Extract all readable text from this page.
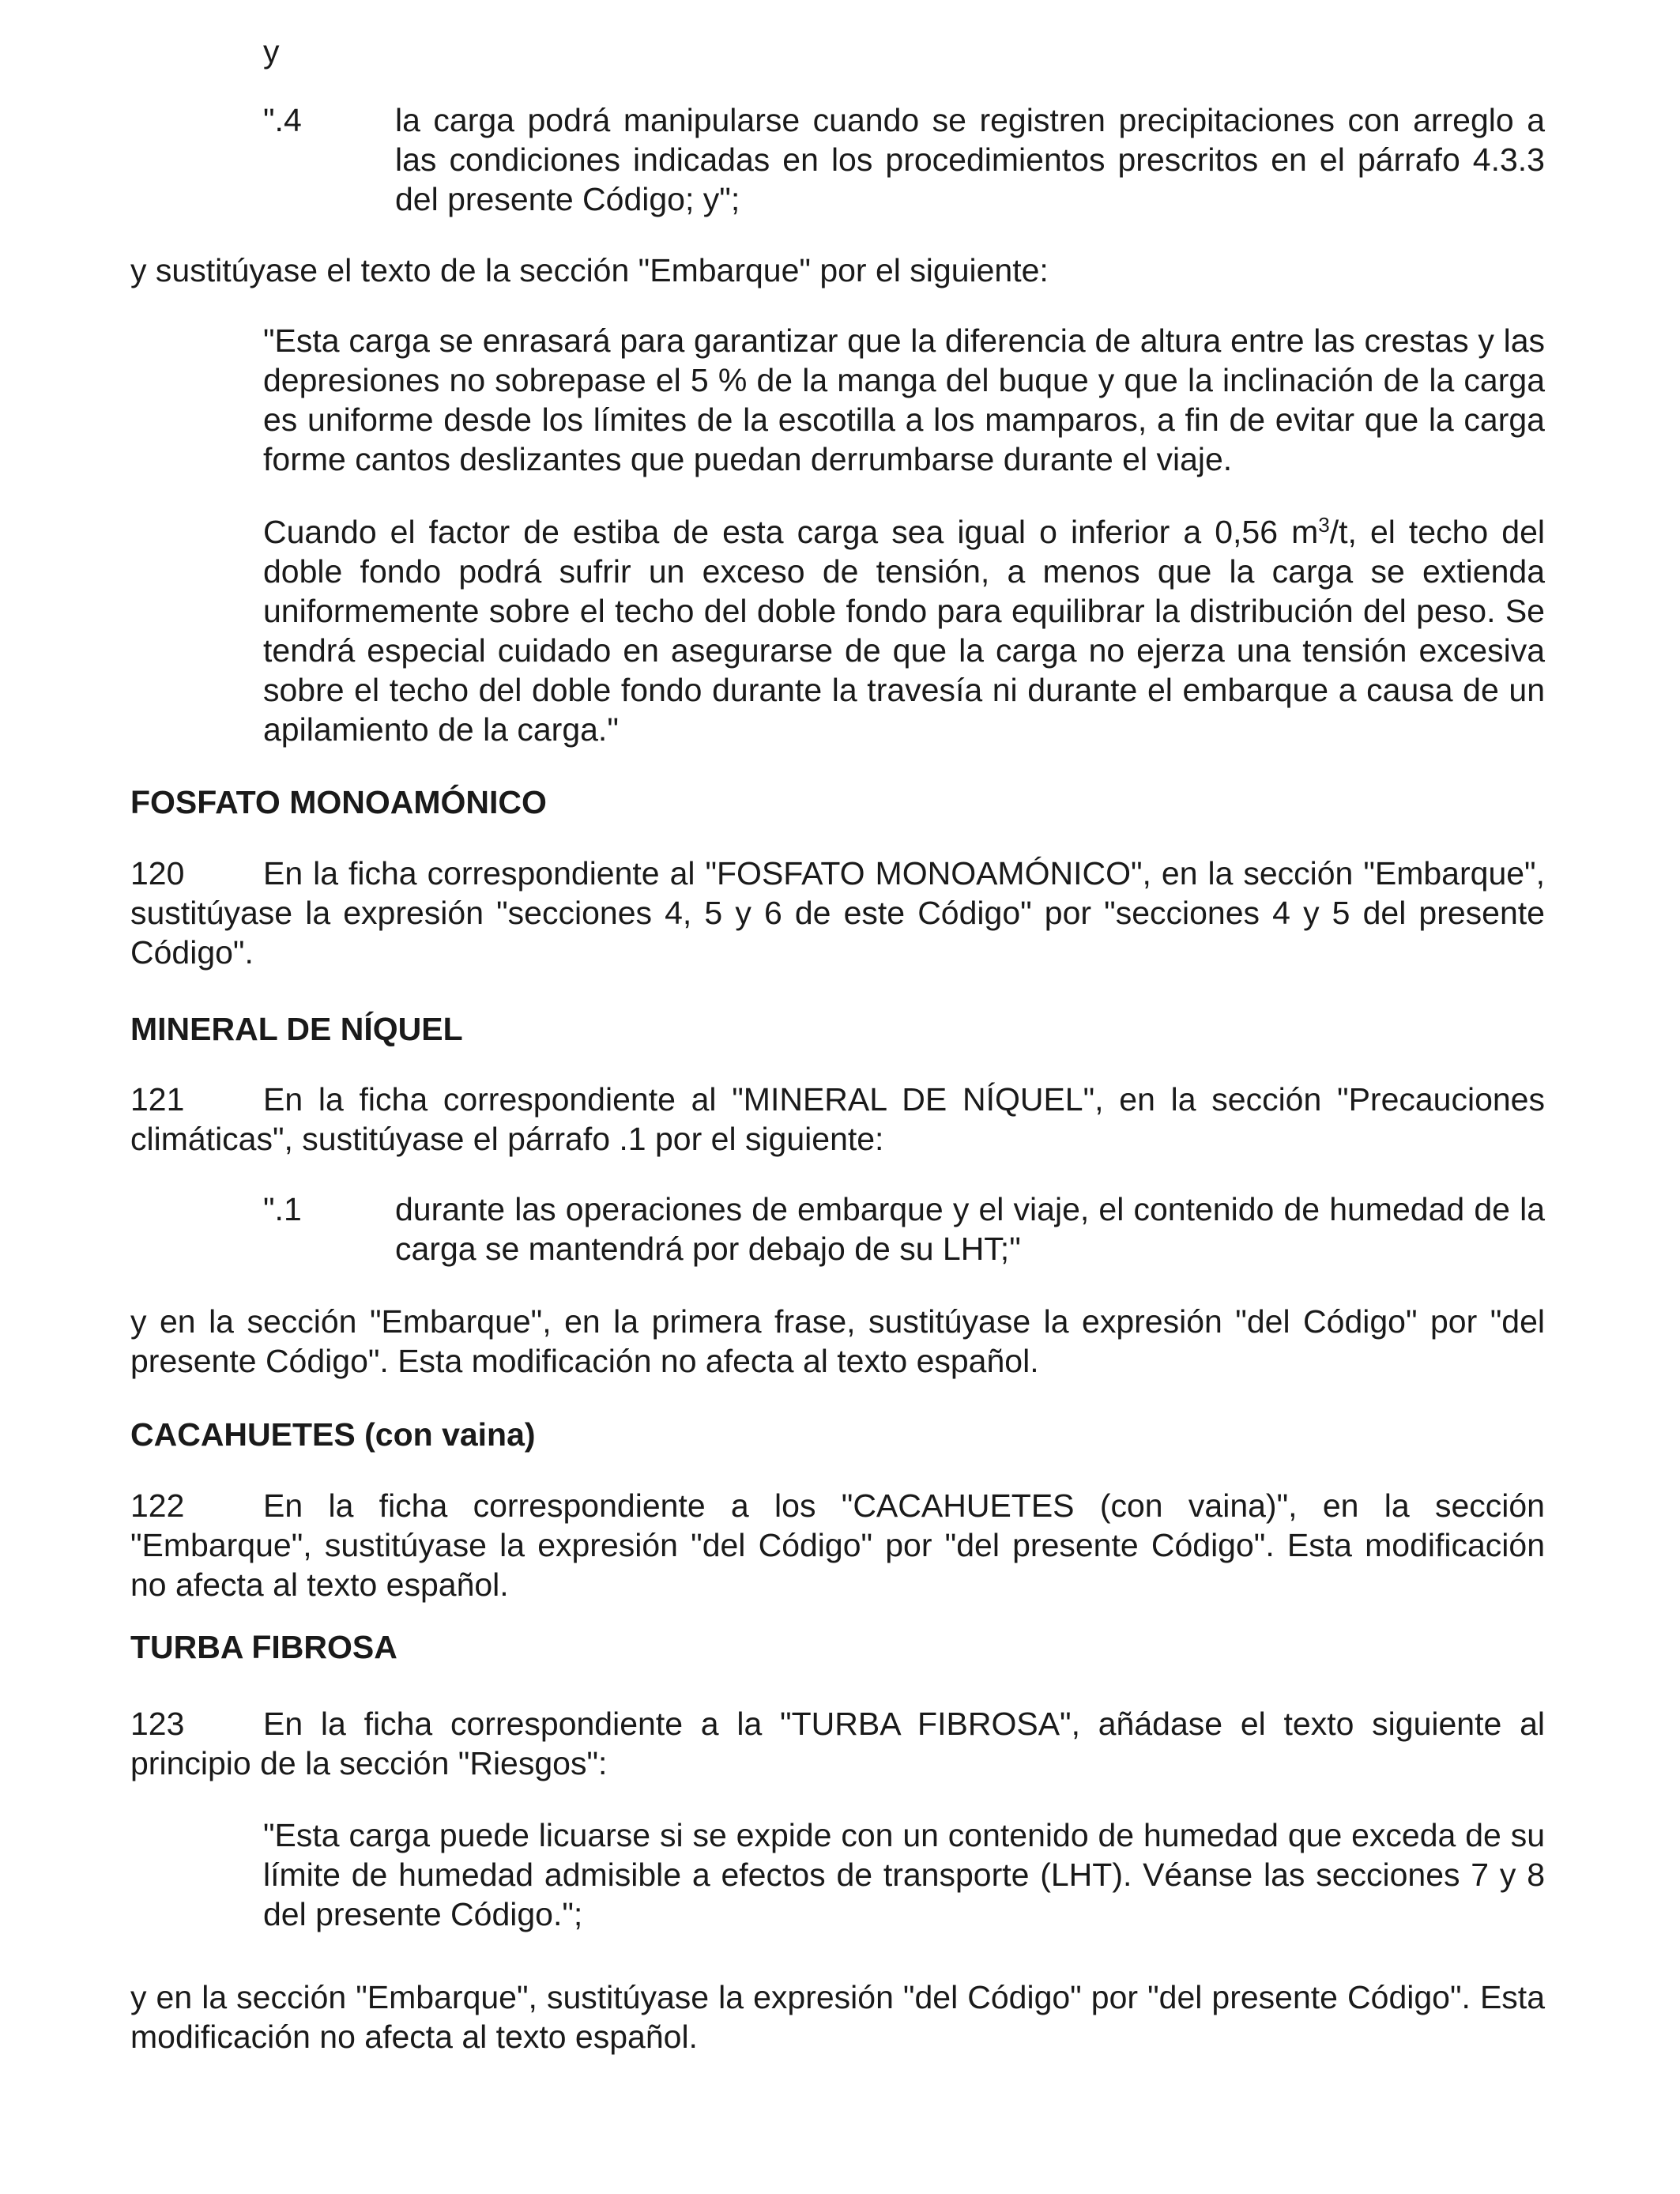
y

".4	la carga podrá manipularse cuando se registren precipitaciones con arreglo a las condiciones indicadas en los procedimientos prescritos en el párrafo 4.3.3 del presente Código; y";

y sustitúyase el texto de la sección "Embarque" por el siguiente:

"Esta carga se enrasará para garantizar que la diferencia de altura entre las crestas y las depresiones no sobrepase el 5 % de la manga del buque y que la inclinación de la carga es uniforme desde los límites de la escotilla a los mamparos, a fin de evitar que la carga forme cantos deslizantes que puedan derrumbarse durante el viaje.

Cuando el factor de estiba de esta carga sea igual o inferior a 0,56 $m^3/t$, el techo del doble fondo podrá sufrir un exceso de tensión, a menos que la carga se extienda uniformemente sobre el techo del doble fondo para equilibrar la distribución del peso. Se tendrá especial cuidado en asegurarse de que la carga no ejerza una tensión excesiva sobre el techo del doble fondo durante la travesía ni durante el embarque a causa de un apilamiento de la carga."

FOSFATO MONOAMÓNICO

120 En la ficha correspondiente al "FOSFATO MONOAMÓNICO", en la sección "Embarque", sustitúyase la expresión "secciones 4, 5 y 6 de este Código" por "secciones 4 y 5 del presente Código".

MINERAL DE NÍQUEL

121 En la ficha correspondiente al "MINERAL DE NÍQUEL", en la sección "Precauciones climáticas", sustitúyase el párrafo .1 por el siguiente:

".1	durante las operaciones de embarque y el viaje, el contenido de humedad de la carga se mantendrá por debajo de su LHT;"

y en la sección "Embarque", en la primera frase, sustitúyase la expresión "del Código" por "del presente Código". Esta modificación no afecta al texto español.

CACAHUETES (con vaina)

122 En la ficha correspondiente a los "CACAHUETES (con vaina)", en la sección "Embarque", sustitúyase la expresión "del Código" por "del presente Código". Esta modificación no afecta al texto español.

TURBA FIBROSA

123 En la ficha correspondiente a la "TURBA FIBROSA", añádase el texto siguiente al principio de la sección "Riesgos":

"Esta carga puede licuarse si se expide con un contenido de humedad que exceda de su límite de humedad admisible a efectos de transporte (LHT). Véanse las secciones 7 y 8 del presente Código.";

y en la sección "Embarque", sustitúyase la expresión "del Código" por "del presente Código". Esta modificación no afecta al texto español.
